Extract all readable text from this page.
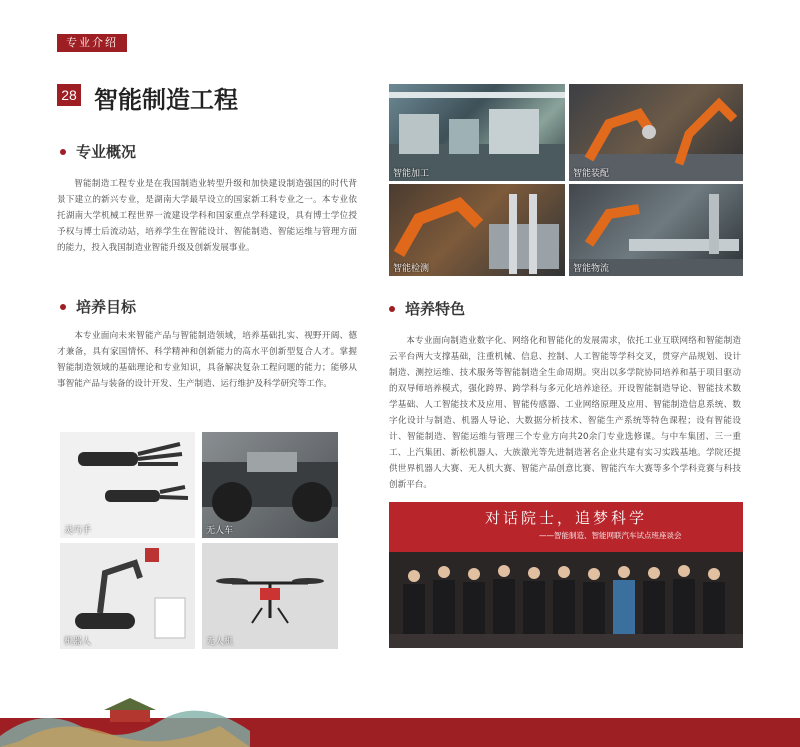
专业介绍
28 智能制造工程
专业概况
智能制造工程专业是在我国制造业转型升级和加快建设制造强国的时代背景下建立的新兴专业，是湖南大学最早设立的国家新工科专业之一。本专业依托湖南大学机械工程世界一流建设学科和国家重点学科建设，具有博士学位授予权与博士后流动站，培养学生在智能设计、智能制造、智能运维与管理方面的能力，投入我国制造业智能升级及创新发展事业。
培养目标
本专业面向未来智能产品与智能制造领域，培养基础扎实、视野开阔、德才兼备，具有家国情怀、科学精神和创新能力的高水平创新型复合人才。掌握智能制造领域的基础理论和专业知识，具备解决复杂工程问题的能力；能够从事智能产品与装备的设计开发、生产制造、运行维护及科学研究等工作。
培养特色
本专业面向制造业数字化、网络化和智能化的发展需求，依托工业互联网络和智能制造云平台两大支撑基础，注重机械、信息、控制、人工智能等学科交叉，贯穿产品规划、设计制造、测控运维、技术服务等智能制造全生命周期。突出以多学院协同培养和基于项目驱动的双导师培养模式，强化跨界、跨学科与多元化培养途径。开设智能制造导论、智能技术数学基础、人工智能技术及应用、智能传感器、工业网络原理及应用、智能制造信息系统、数字化设计与制造、机器人导论、大数据分析技术、智能生产系统等特色课程；设有智能设计、智能制造、智能运维与管理三个专业方向共20余门专业选修课。与中车集团、三一重工、上汽集团、新松机器人、大族激光等先进制造著名企业共建有实习实践基地。学院还提供世界机器人大赛、无人机大赛、智能产品创意比赛、智能汽车大赛等多个学科竞赛与科技创新平台。
智能加工	智能装配
智能检测	智能物流
灵巧手	无人车
机器人	无人机
对话院士，追梦科学
——智能制造、智能网联汽车试点班座谈会
